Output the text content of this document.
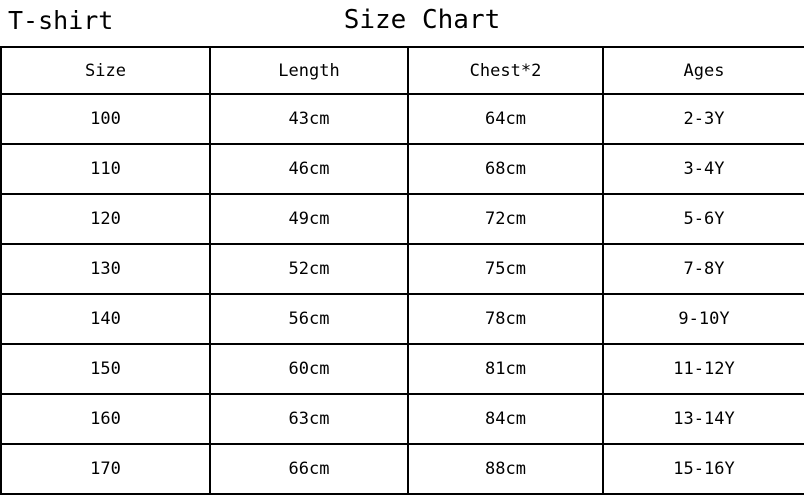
T-shirt	Size Chart
Size	Length	Chest*2	Ages
100	43cm	64cm	2-3Y
110	46cm	68cm	3-4Y
120	49cm	72cm	5-6Y
130	52cm	75cm	7-8Y
140	56cm	78cm	9-10Y
150	60cm	81cm	11-12Y
160	63cm	84cm	13-14Y
170	66cm	88cm	15-16Y
